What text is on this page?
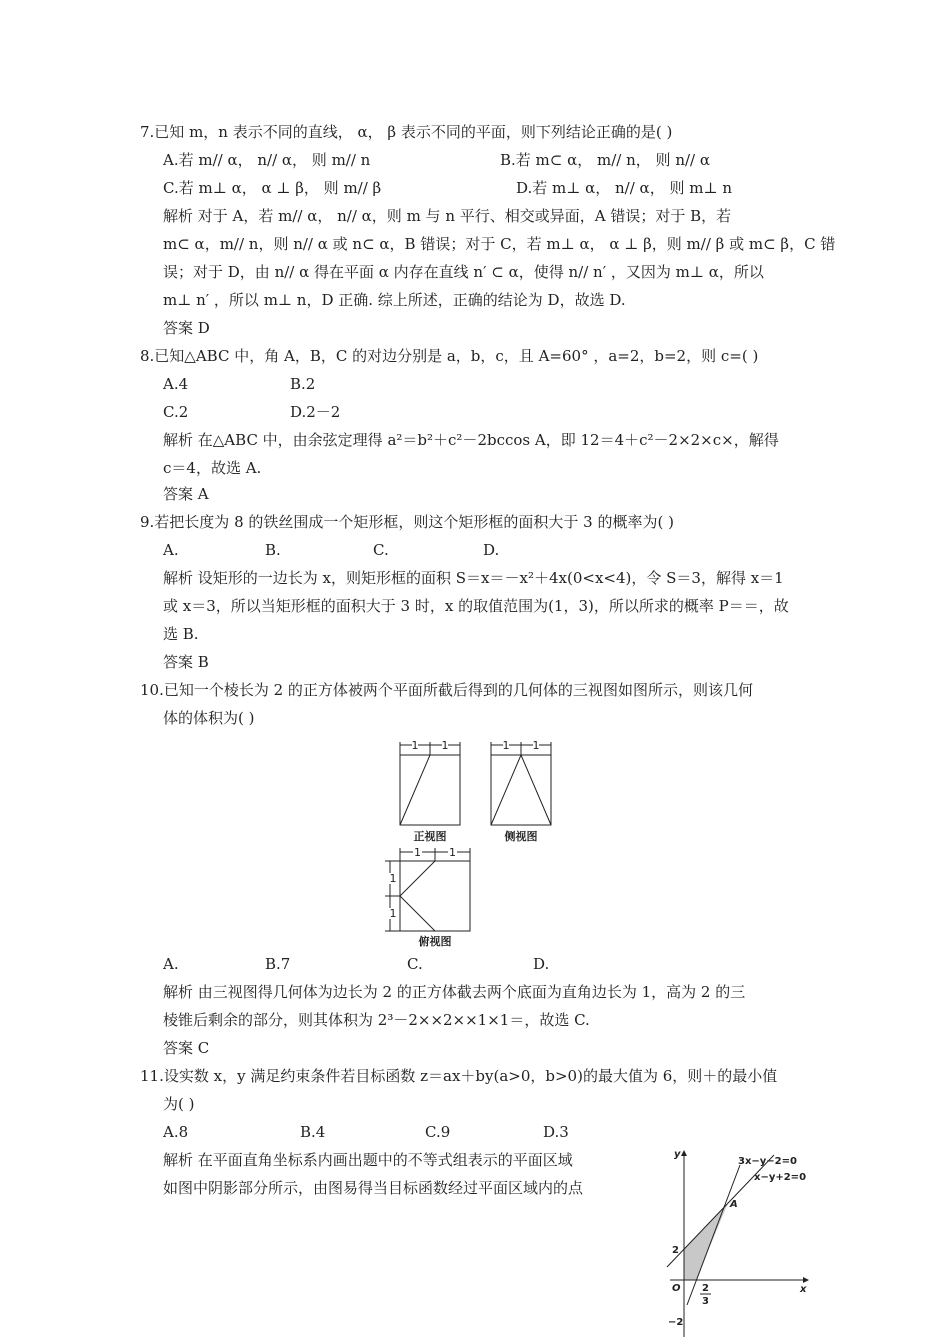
7.已知 m，n 表示不同的直线， α， β 表示不同的平面，则下列结论正确的是( )
A.若 m// α， n// α， 则 m// n	B.若 m⊂ α， m// n， 则 n// α
C.若 m⊥ α， α ⊥ β， 则 m// β	D.若 m⊥ α， n// α， 则 m⊥ n
解析 对于 A，若 m// α， n// α，则 m 与 n 平行、相交或异面，A 错误；对于 B，若
m⊂ α，m// n，则 n// α 或 n⊂ α，B 错误；对于 C，若 m⊥ α， α ⊥ β，则 m// β 或 m⊂ β，C 错
误；对于 D，由 n// α 得在平面 α 内存在直线 n′ ⊂ α，使得 n// n′ ，又因为 m⊥ α，所以
m⊥ n′ ，所以 m⊥ n，D 正确. 综上所述，正确的结论为 D，故选 D.
答案 D
8.已知△ABC 中，角 A，B，C 的对边分别是 a，b，c，且 A=60° ，a=2，b=2，则 c=( )
A.4	B.2
C.2	D.2－2
解析 在△ABC 中，由余弦定理得 a²＝b²＋c²－2bccos A，即 12＝4＋c²－2×2×c×，解得
c＝4，故选 A.
答案 A
9.若把长度为 8 的铁丝围成一个矩形框，则这个矩形框的面积大于 3 的概率为( )
A.	B.	C.	D.
解析 设矩形的一边长为 x，则矩形框的面积 S＝x＝－x²＋4x(0<x<4)，令 S＝3，解得 x＝1
或 x＝3，所以当矩形框的面积大于 3 时，x 的取值范围为(1，3)，所以所求的概率 P＝＝，故
选 B.
答案 B
10.已知一个棱长为 2 的正方体被两个平面所截后得到的几何体的三视图如图所示，则该几何
体的体积为( )
1 1	1 1
1	1
1
1
正视图	侧视图
俯视图
A.	B.7	C.	D.
解析 由三视图得几何体为边长为 2 的正方体截去两个底面为直角边长为 1，高为 2 的三
棱锥后剩余的部分，则其体积为 2³－2××2××1×1＝，故选 C.
答案 C
11.设实数 x，y 满足约束条件若目标函数 z＝ax＋by(a>0，b>0)的最大值为 6，则＋的最小值
为( )
A.8	B.4	C.9	D.3
解析 在平面直角坐标系内画出题中的不等式组表示的平面区域
如图中阴影部分所示，由图易得当目标函数经过平面区域内的点
y
x
O
3x−y−2=0
x−y+2=0
A
2
−2
2
3
